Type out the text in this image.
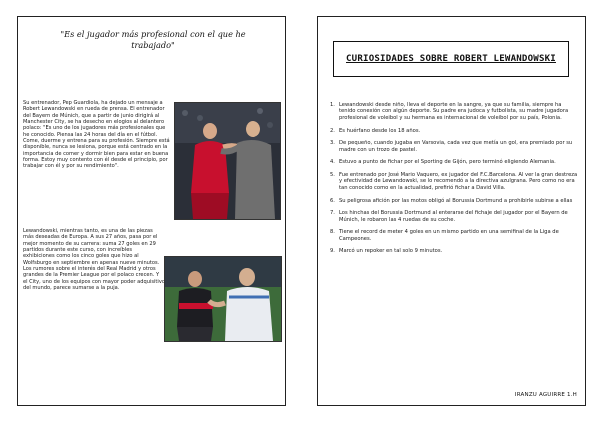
"Es el jugador más profesional con el que he trabajado"
Su entrenador, Pep Guardiola, ha dejado un mensaje a Robert Lewandowski en rueda de prensa. El entrenador del Bayern de Múnich, que a partir de junio dirigirá al Manchester City, se ha desecho en elogios al delantero polaco: "Es uno de los jugadores más profesionales que he conocido. Piensa las 24 horas del día en el fútbol. Come, duerme y entrena para su profesión. Siempre está disponible, nunca se lesiona, porque está centrado en la importancia de comer y dormir bien para estar en buena forma. Estoy muy contento con él desde el principio, por trabajar con él y por su rendimiento".
Lewandowski, mientras tanto, es una de las piezas más deseadas de Europa. A sus 27 años, pasa por el mejor momento de su carrera: suma 27 goles en 29 partidos durante este curso, con increíbles exhibiciones como los cinco goles que hizo al Wolfsburgo en septiembre en apenas nueve minutos. Los rumores sobre el interés del Real Madrid y otros grandes de la Premier League por el polaco crecen. Y el City, uno de los equipos con mayor poder adquisitivo del mundo, parece sumarse a la puja.
CURIOSIDADES SOBRE ROBERT LEWANDOWSKI
1. Lewandowski desde niño, lleva el deporte en la sangre, ya que su familia, siempre ha tenido conexión con algún deporte. Su padre era judoca y futbolista, su madre jugadora profesional de voleibol y su hermana es internacional de voleibol por su país, Polonia.
2. Es huérfano desde los 18 años.
3. De pequeño, cuando jugaba en Varsovia, cada vez que metía un gol, era premiado por su madre con un trozo de pastel.
4. Estuvo a punto de fichar por el Sporting de Gijón, pero terminó eligiendo Alemania.
5. Fue entrenado por José Mario Vaquero, ex jugador del F.C.Barcelona. Al ver la gran destreza y efectividad de Lewandowski, se lo recomendó a la directiva azulgrana. Pero como no era tan conocido como en la actualidad, prefirió fichar a David Villa.
6. Su peligrosa afición por las motos obligó al Borussia Dortmund a prohibirle subirse a ellas
7. Los hinchas del Borussia Dortmund al enterarse del fichaje del jugador por el Bayern de Múnich, le robaron las 4 ruedas de su coche.
8. Tiene el record de meter 4 goles en un mismo partido en una semifinal de la Liga de Campeones.
9. Marcó un repoker en tal solo 9 minutos.
IRANZU AGUIRRE 1.H
